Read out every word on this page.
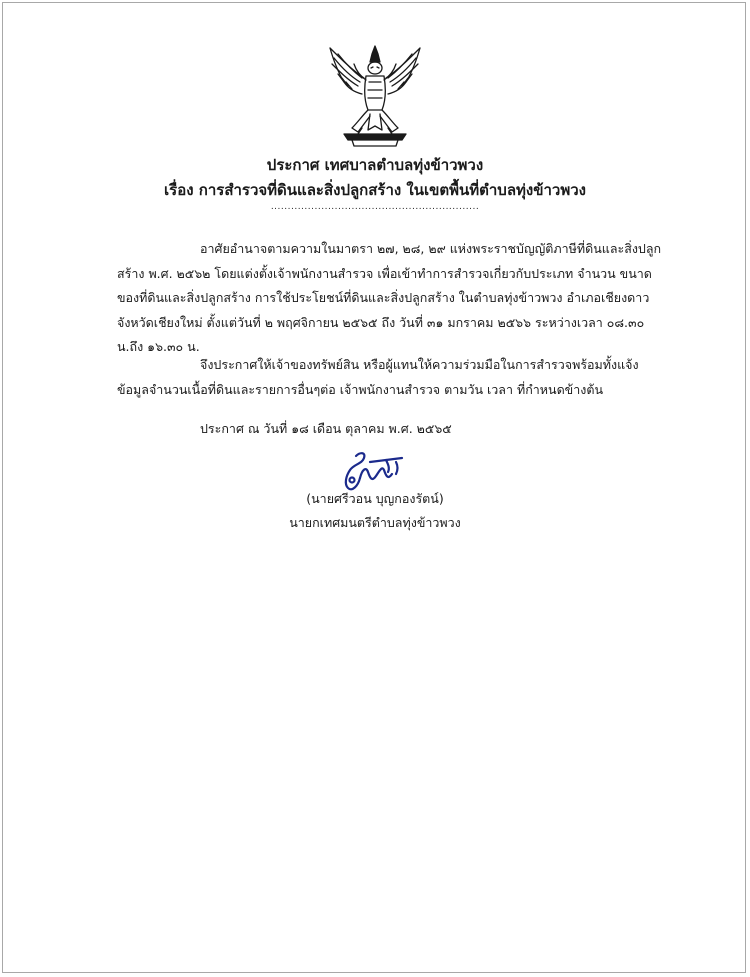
ประกาศ เทศบาลตำบลทุ่งข้าวพวง
เรื่อง การสำรวจที่ดินและสิ่งปลูกสร้าง ในเขตพื้นที่ตำบลทุ่งข้าวพวง
..............................................................
อาศัยอำนาจตามความในมาตรา ๒๗, ๒๘, ๒๙ แห่งพระราชบัญญัติภาษีที่ดินและสิ่งปลูก
สร้าง พ.ศ. ๒๕๖๒ โดยแต่งตั้งเจ้าพนักงานสำรวจ เพื่อเข้าทำการสำรวจเกี่ยวกับประเภท จำนวน ขนาด
ของที่ดินและสิ่งปลูกสร้าง การใช้ประโยชน์ที่ดินและสิ่งปลูกสร้าง ในตำบลทุ่งข้าวพวง อำเภอเชียงดาว
จังหวัดเชียงใหม่ ตั้งแต่วันที่ ๒ พฤศจิกายน ๒๕๖๕ ถึง วันที่ ๓๑ มกราคม ๒๕๖๖ ระหว่างเวลา ๐๘.๓๐
น.ถึง ๑๖.๓๐ น.
จึงประกาศให้เจ้าของทรัพย์สิน หรือผู้แทนให้ความร่วมมือในการสำรวจพร้อมทั้งแจ้ง
ข้อมูลจำนวนเนื้อที่ดินและรายการอื่นๆต่อ เจ้าพนักงานสำรวจ ตามวัน เวลา ที่กำหนดข้างต้น
ประกาศ ณ วันที่ ๑๘ เดือน ตุลาคม พ.ศ. ๒๕๖๕
(นายศรีวอน บุญกองรัตน์)
นายกเทศมนตรีตำบลทุ่งข้าวพวง
